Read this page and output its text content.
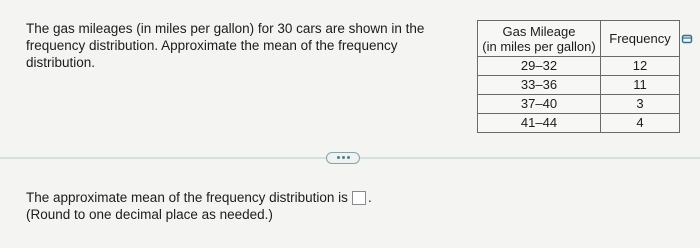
The gas mileages (in miles per gallon) for 30 cars are shown in the frequency distribution. Approximate the mean of the frequency distribution.
Gas Mileage
(in miles per gallon)	Frequency
29–32	12
33–36	11
37–40	3
41–44	4
The approximate mean of the frequency distribution is .
(Round to one decimal place as needed.)
